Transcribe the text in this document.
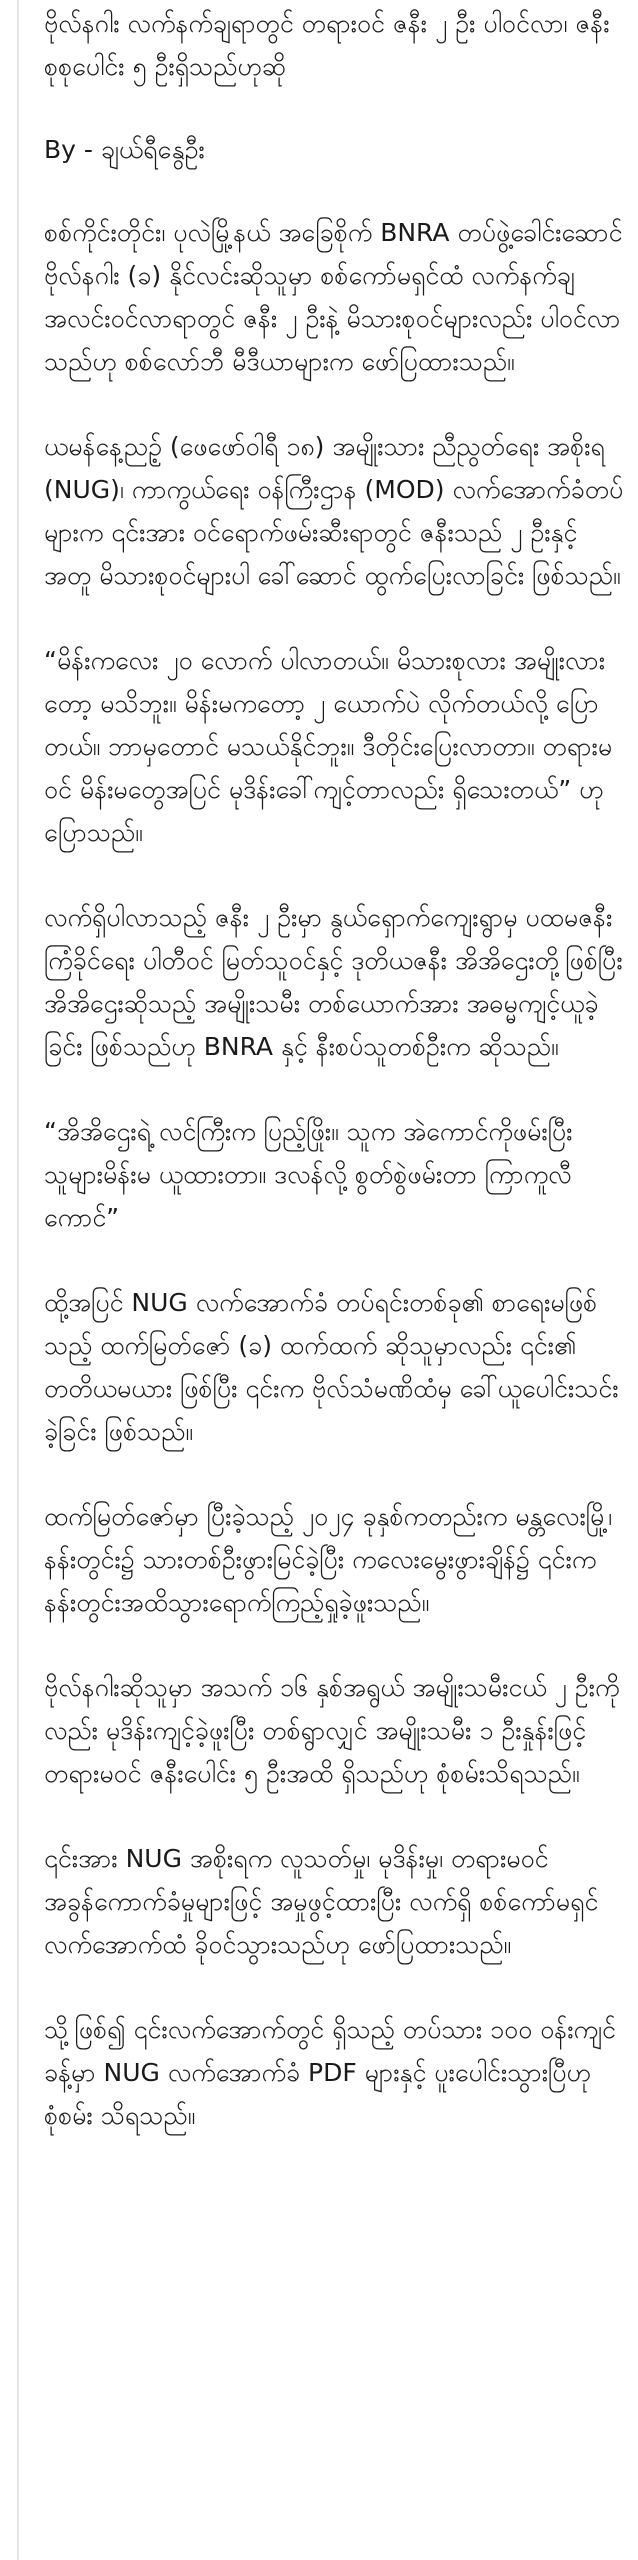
ဗိုလ်နဂါး လက်နက်ချရာတွင် တရားဝင် ဇနီး ၂ ဦး ပါဝင်လာ၊ ဇနီးစုစုပေါင်း ၅ ဦးရှိသည်ဟုဆို

By - ချယ်ရီနွေဦး

စစ်ကိုင်းတိုင်း၊ ပုလဲမြို့နယ် အခြေစိုက် BNRA တပ်ဖွဲ့ခေါင်းဆောင် ဗိုလ်နဂါး (ခ) နိုင်လင်းဆိုသူမှာ စစ်ကော်မရှင်ထံ လက်နက်ချ အလင်းဝင်လာရာတွင် ဇနီး ၂ ဦးနဲ့ မိသားစုဝင်များလည်း ပါဝင်လာသည်ဟု စစ်လော်ဘီ မီဒီယာများက ဖော်ပြထားသည်။

ယမန်နေ့ညဥ့် (ဖေဖော်ဝါရီ ၁၈) အမျိုးသား ညီညွတ်ရေး အစိုးရ (NUG)၊ ကာကွယ်ရေး ဝန်ကြီးဌာန (MOD) လက်အောက်ခံတပ်များက ၎င်းအား ဝင်ရောက်ဖမ်းဆီးရာတွင် ဇနီးသည် ၂ ဦးနှင့်အတူ မိသားစုဝင်များပါ ခေါ်ဆောင် ထွက်ပြေးလာခြင်း ဖြစ်သည်။

“မိန်းကလေး ၂၀ လောက် ပါလာတယ်။ မိသားစုလား အမျိုးလားတော့ မသိဘူး။ မိန်းမကတော့ ၂ ယောက်ပဲ လိုက်တယ်လို့ ပြောတယ်။ ဘာမှတောင် မသယ်နိုင်ဘူး။ ဒီတိုင်းပြေးလာတာ။ တရားမဝင် မိန်းမတွေအပြင် မုဒိန်းခေါ်ကျင့်တာလည်း ရှိသေးတယ်” ဟု ပြောသည်။

လက်ရှိပါလာသည့် ဇနီး ၂ ဦးမှာ နွယ်ရှောက်ကျေးရွာမှ ပထမဇနီး ကြံခိုင်ရေး ပါတီဝင် မြတ်သူဝင်နှင့် ဒုတိယဇနီး အိအိဌေးတို့ဖြစ်ပြီး အိအိဌေးဆိုသည့် အမျိုးသမီး တစ်ယောက်အား အဓမ္မကျင့်ယူခဲ့ခြင်း ဖြစ်သည်ဟု BNRA နှင့် နီးစပ်သူတစ်ဦးက ဆိုသည်။

“အိအိဌေးရဲ့ လင်ကြီးက ပြည့်ဖြိုး။ သူက အဲကောင်ကိုဖမ်းပြီး သူများမိန်းမ ယူထားတာ။ ဒလန်လို့ စွတ်စွဲဖမ်းတာ ကြာကူလီကောင်”

ထို့အပြင် NUG လက်အောက်ခံ တပ်ရင်းတစ်ခု၏ စာရေးမဖြစ်သည့် ထက်မြတ်ဇော် (ခ) ထက်ထက် ဆိုသူမှာလည်း ၎င်း၏ တတိယမယား ဖြစ်ပြီး ၎င်းက ဗိုလ်သံမဏိထံမှ ခေါ်ယူပေါင်းသင်းခဲ့ခြင်း ဖြစ်သည်။

ထက်မြတ်ဇော်မှာ ပြီးခဲ့သည့် ၂၀၂၄ ခုနှစ်ကတည်းက မန္တလေးမြို့၊ နန်းတွင်း၌ သားတစ်ဦးဖွားမြင်ခဲ့ပြီး ကလေးမွေးဖွားချိန်၌ ၎င်းက နန်းတွင်းအထိသွားရောက်ကြည့်ရှုခဲ့ဖူးသည်။

ဗိုလ်နဂါးဆိုသူမှာ အသက် ၁၆ နှစ်အရွယ် အမျိုးသမီးငယ် ၂ ဦးကိုလည်း မုဒိန်းကျင့်ခဲ့ဖူးပြီး တစ်ရွာလျှင် အမျိုးသမီး ၁ ဦးနှုန်းဖြင့် တရားမဝင် ဇနီးပေါင်း ၅ ဦးအထိ ရှိသည်ဟု စုံစမ်းသိရသည်။

၎င်းအား NUG အစိုးရက လူသတ်မှု၊ မုဒိန်းမှု၊ တရားမဝင် အခွန်ကောက်ခံမှုများဖြင့် အမှုဖွင့်ထားပြီး လက်ရှိ စစ်ကော်မရှင် လက်အောက်ထံ ခိုဝင်သွားသည်ဟု ဖော်ပြထားသည်။

သို့ဖြစ်၍ ၎င်းလက်အောက်တွင် ရှိသည့် တပ်သား ၁၀၀ ဝန်းကျင်ခန့်မှာ NUG လက်အောက်ခံ PDF များနှင့် ပူးပေါင်းသွားပြီဟု စုံစမ်း သိရသည်။
